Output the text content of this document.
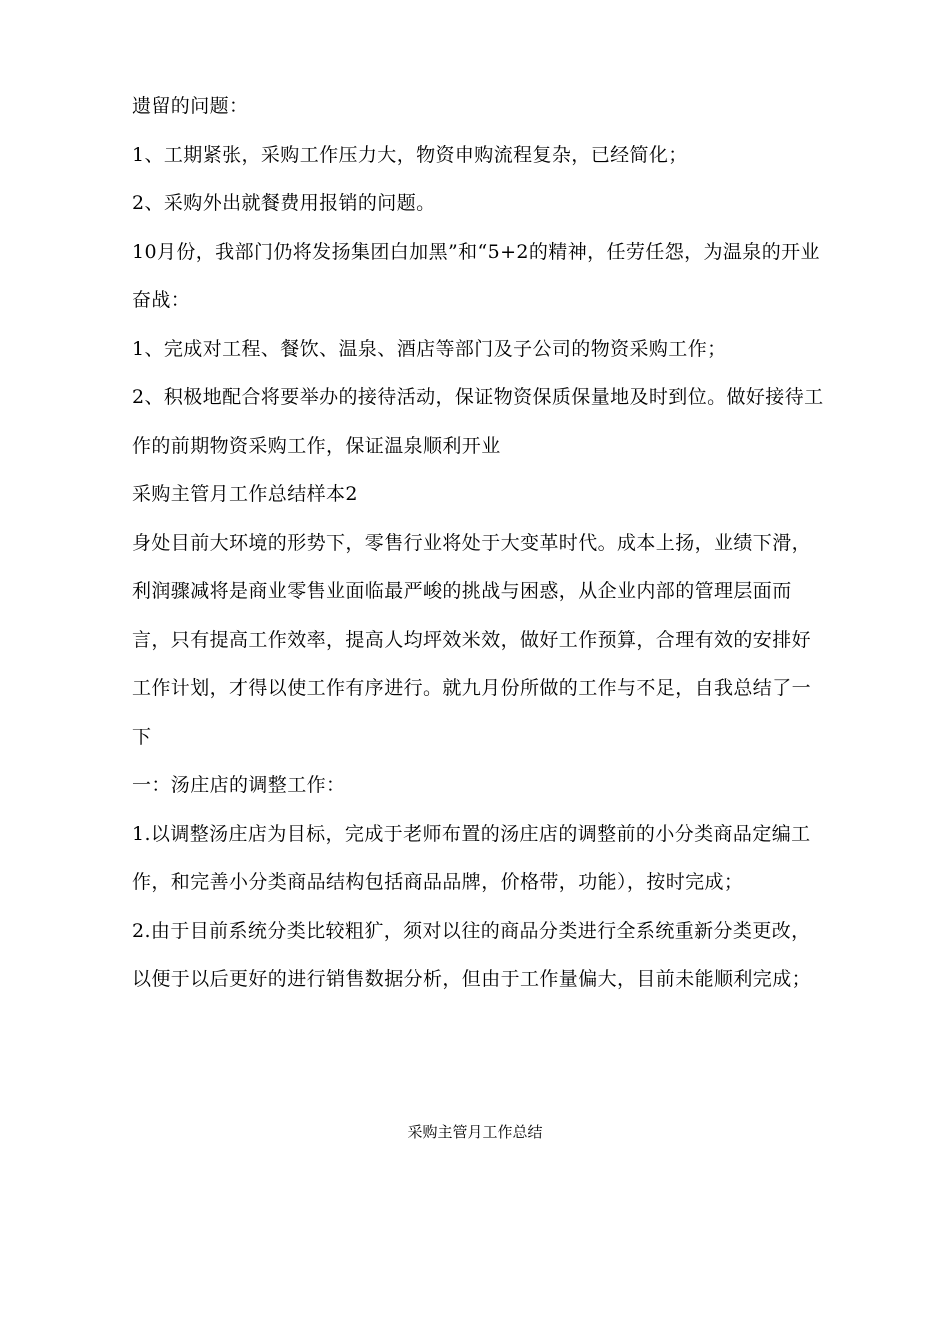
遗留的问题：

1、工期紧张，采购工作压力大，物资申购流程复杂，已经简化；

2、采购外出就餐费用报销的问题。

10月份，我部门仍将发扬集团白加黑”和“5+2的精神，任劳任怨，为温泉的开业奋战：

1、完成对工程、餐饮、温泉、酒店等部门及子公司的物资采购工作；

2、积极地配合将要举办的接待活动，保证物资保质保量地及时到位。做好接待工作的前期物资采购工作，保证温泉顺利开业

采购主管月工作总结样本2

身处目前大环境的形势下，零售行业将处于大变革时代。成本上扬，业绩下滑，利润骤减将是商业零售业面临最严峻的挑战与困惑，从企业内部的管理层面而言，只有提高工作效率，提高人均坪效米效，做好工作预算，合理有效的安排好工作计划，才得以使工作有序进行。就九月份所做的工作与不足，自我总结了一下

一：汤庄店的调整工作：

1.以调整汤庄店为目标，完成于老师布置的汤庄店的调整前的小分类商品定编工作，和完善小分类商品结构包括商品品牌，价格带，功能），按时完成；

2.由于目前系统分类比较粗犷，须对以往的商品分类进行全系统重新分类更改，以便于以后更好的进行销售数据分析，但由于工作量偏大，目前未能顺利完成；

采购主管月工作总结
